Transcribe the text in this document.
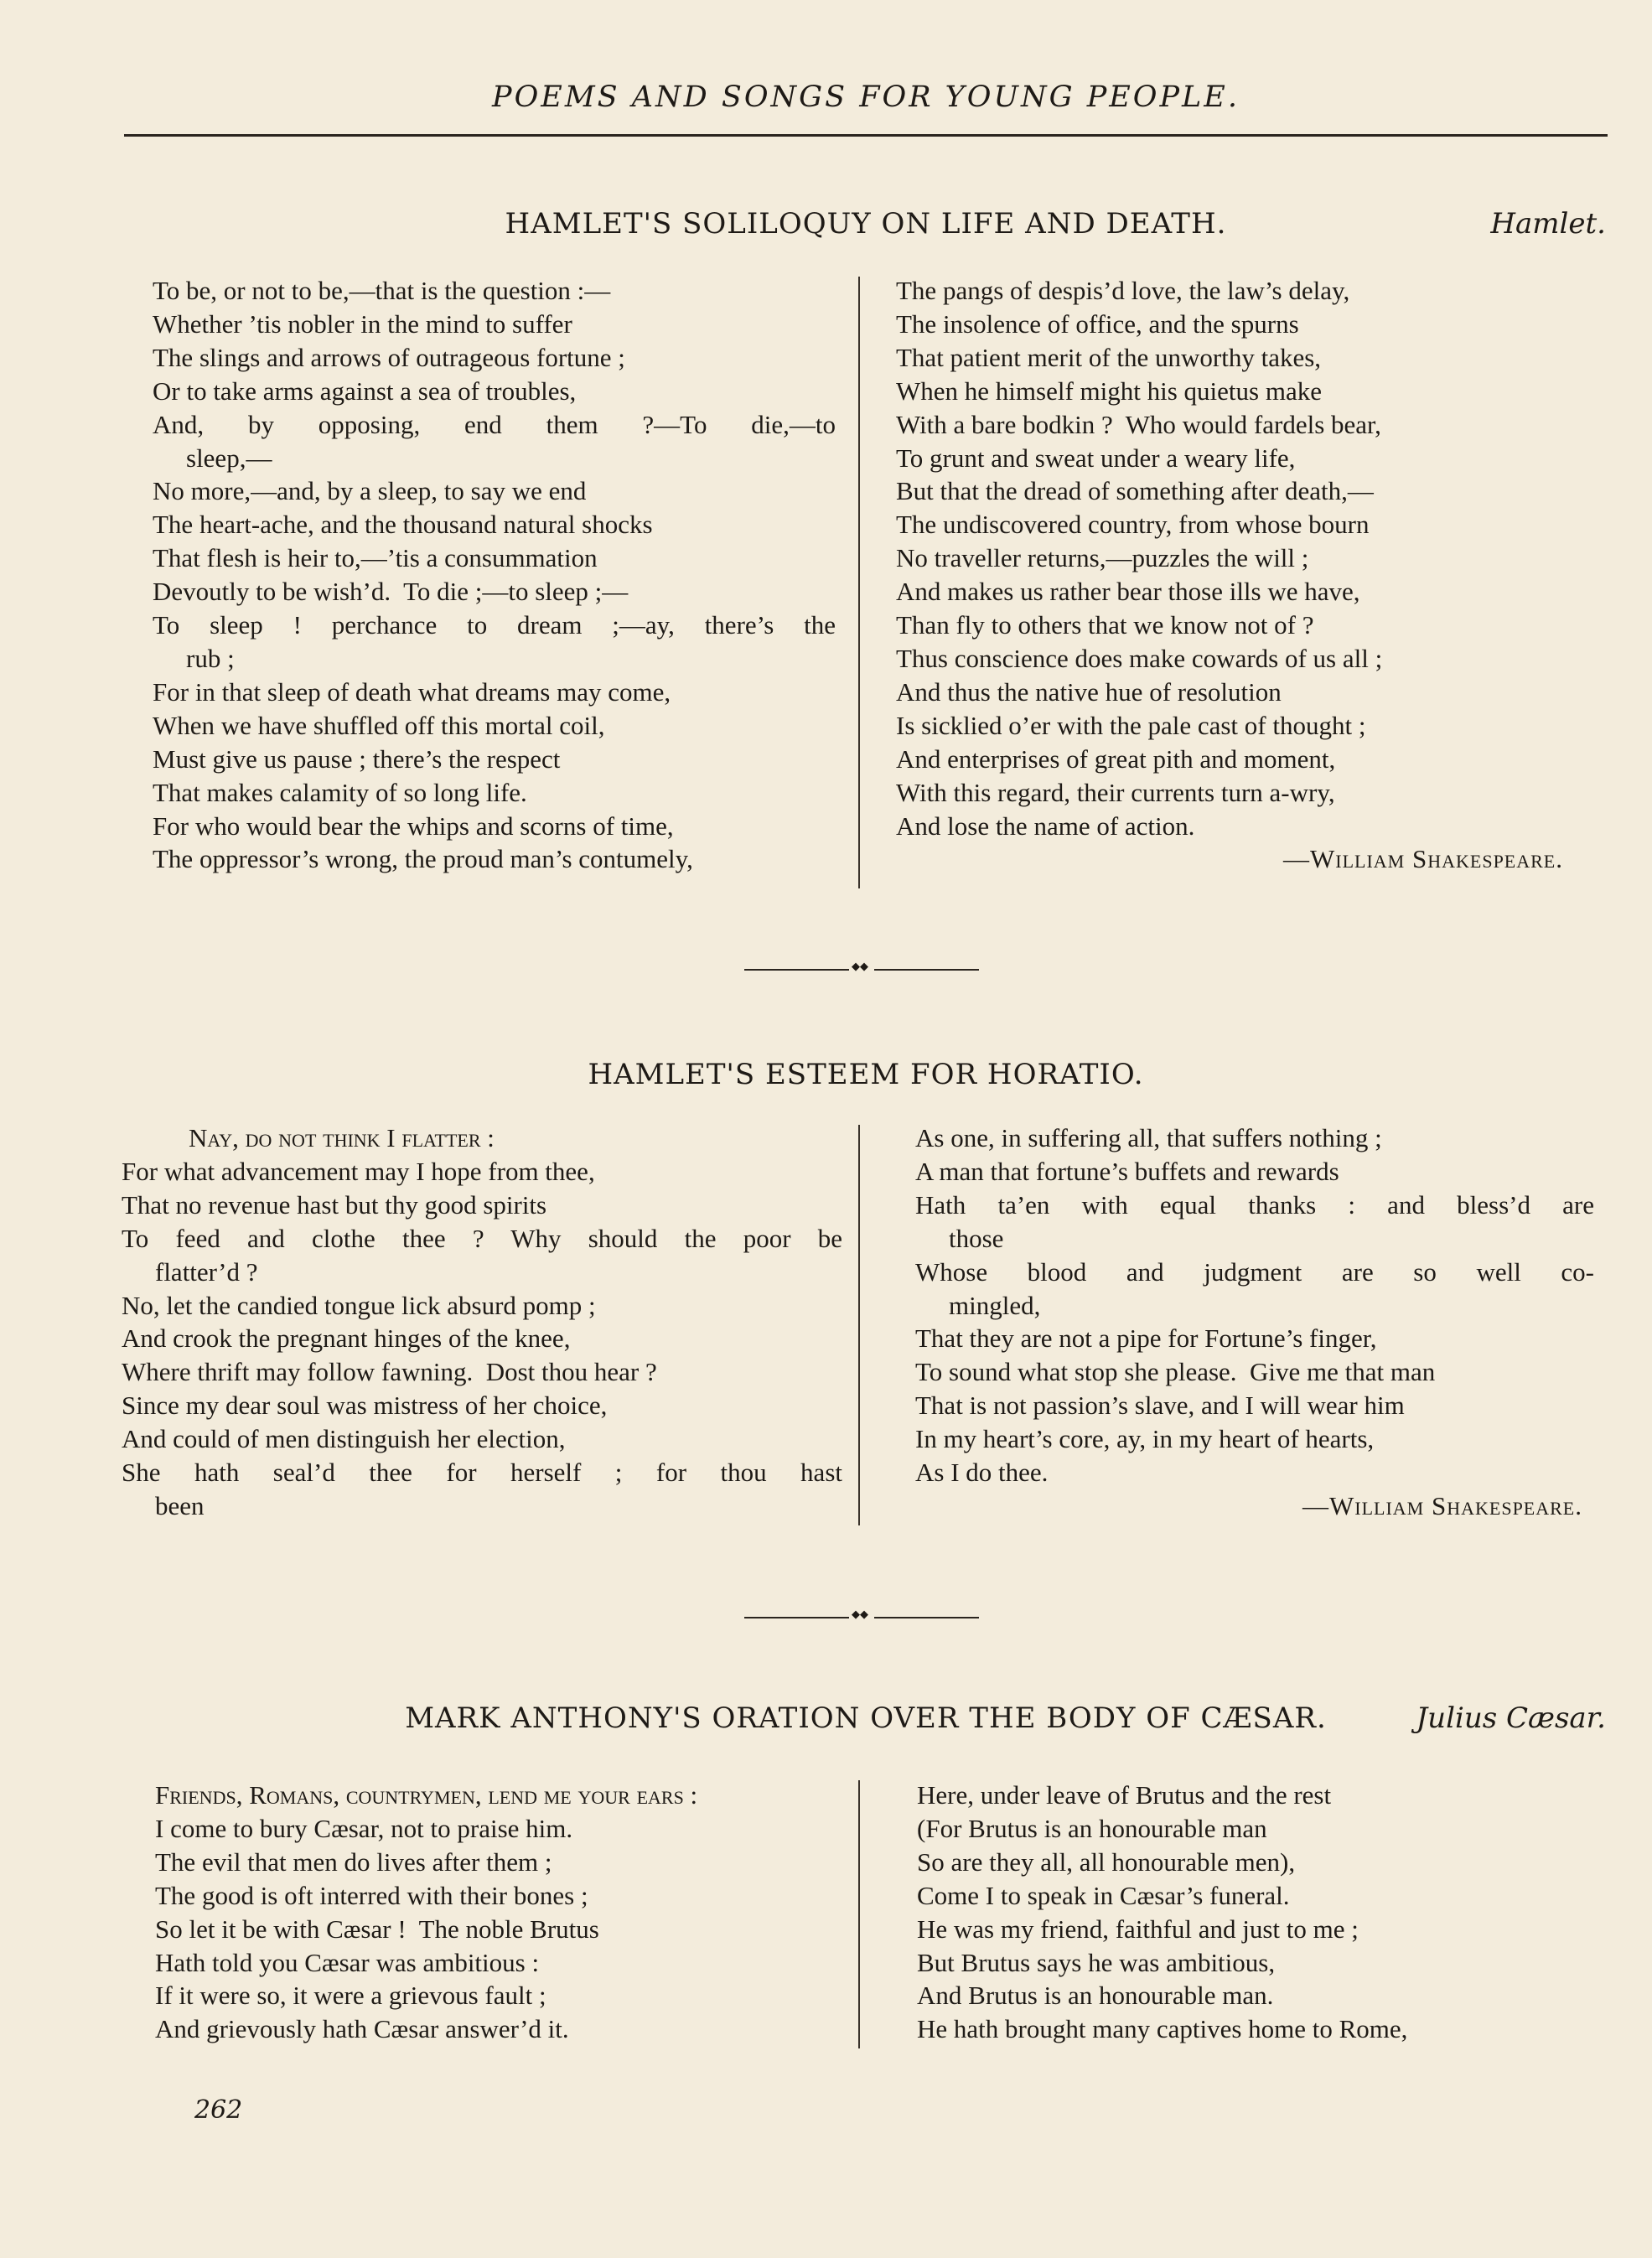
POEMS AND SONGS FOR YOUNG PEOPLE.
HAMLET'S SOLILOQUY ON LIFE AND DEATH.	Hamlet.
To be, or not to be,—that is the question :—
Whether ’tis nobler in the mind to suffer
The slings and arrows of outrageous fortune ;
Or to take arms against a sea of troubles,
And, by opposing, end them ?—To die,—to
sleep,—
No more,—and, by a sleep, to say we end
The heart-ache, and the thousand natural shocks
That flesh is heir to,—’tis a consummation
Devoutly to be wish’d.  To die ;—to sleep ;—
To sleep ! perchance to dream ;—ay, there’s the
rub ;
For in that sleep of death what dreams may come,
When we have shuffled off this mortal coil,
Must give us pause ; there’s the respect
That makes calamity of so long life.
For who would bear the whips and scorns of time,
The oppressor’s wrong, the proud man’s contumely,
The pangs of despis’d love, the law’s delay,
The insolence of office, and the spurns
That patient merit of the unworthy takes,
When he himself might his quietus make
With a bare bodkin ?  Who would fardels bear,
To grunt and sweat under a weary life,
But that the dread of something after death,—
The undiscovered country, from whose bourn
No traveller returns,—puzzles the will ;
And makes us rather bear those ills we have,
Than fly to others that we know not of ?
Thus conscience does make cowards of us all ;
And thus the native hue of resolution
Is sicklied o’er with the pale cast of thought ;
And enterprises of great pith and moment,
With this regard, their currents turn a-wry,
And lose the name of action.
—William Shakespeare.
◆◆
HAMLET'S ESTEEM FOR HORATIO.
Nay, do not think I flatter :
For what advancement may I hope from thee,
That no revenue hast but thy good spirits
To feed and clothe thee ? Why should the poor be
flatter’d ?
No, let the candied tongue lick absurd pomp ;
And crook the pregnant hinges of the knee,
Where thrift may follow fawning.  Dost thou hear ?
Since my dear soul was mistress of her choice,
And could of men distinguish her election,
She hath seal’d thee for herself ; for thou hast
been
As one, in suffering all, that suffers nothing ;
A man that fortune’s buffets and rewards
Hath ta’en with equal thanks : and bless’d are
those
Whose blood and judgment are so well co-
mingled,
That they are not a pipe for Fortune’s finger,
To sound what stop she please.  Give me that man
That is not passion’s slave, and I will wear him
In my heart’s core, ay, in my heart of hearts,
As I do thee.
—William Shakespeare.
◆◆
MARK ANTHONY'S ORATION OVER THE BODY OF CÆSAR.	Julius Cæsar.
Friends, Romans, countrymen, lend me your ears :
I come to bury Cæsar, not to praise him.
The evil that men do lives after them ;
The good is oft interred with their bones ;
So let it be with Cæsar !  The noble Brutus
Hath told you Cæsar was ambitious :
If it were so, it were a grievous fault ;
And grievously hath Cæsar answer’d it.
Here, under leave of Brutus and the rest
(For Brutus is an honourable man
So are they all, all honourable men),
Come I to speak in Cæsar’s funeral.
He was my friend, faithful and just to me ;
But Brutus says he was ambitious,
And Brutus is an honourable man.
He hath brought many captives home to Rome,
262
